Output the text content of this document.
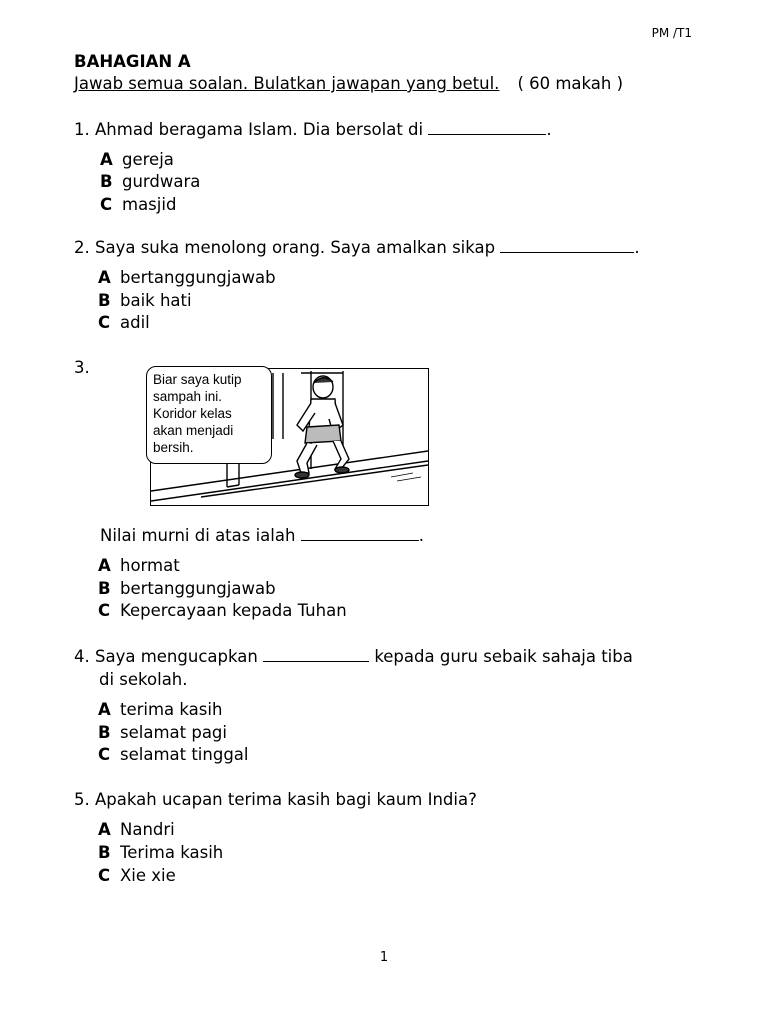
PM /T1
BAHAGIAN A
Jawab semua soalan. Bulatkan jawapan yang betul. ( 60 makah )
1. Ahmad beragama Islam. Dia bersolat di	.
A gereja
B gurdwara
C masjid
2. Saya suka menolong orang. Saya amalkan sikap	.
A bertanggungjawab
B baik hati
C adil
3.
Biar saya kutip
sampah ini.
Koridor kelas
akan menjadi
bersih.
Nilai murni di atas ialah	.
A hormat
B bertanggungjawab
C Kepercayaan kepada Tuhan
4. Saya mengucapkan	kepada guru sebaik sahaja tiba
di sekolah.
A terima kasih
B selamat pagi
C selamat tinggal
5. Apakah ucapan terima kasih bagi kaum India?
A Nandri
B Terima kasih
C Xie xie
1
